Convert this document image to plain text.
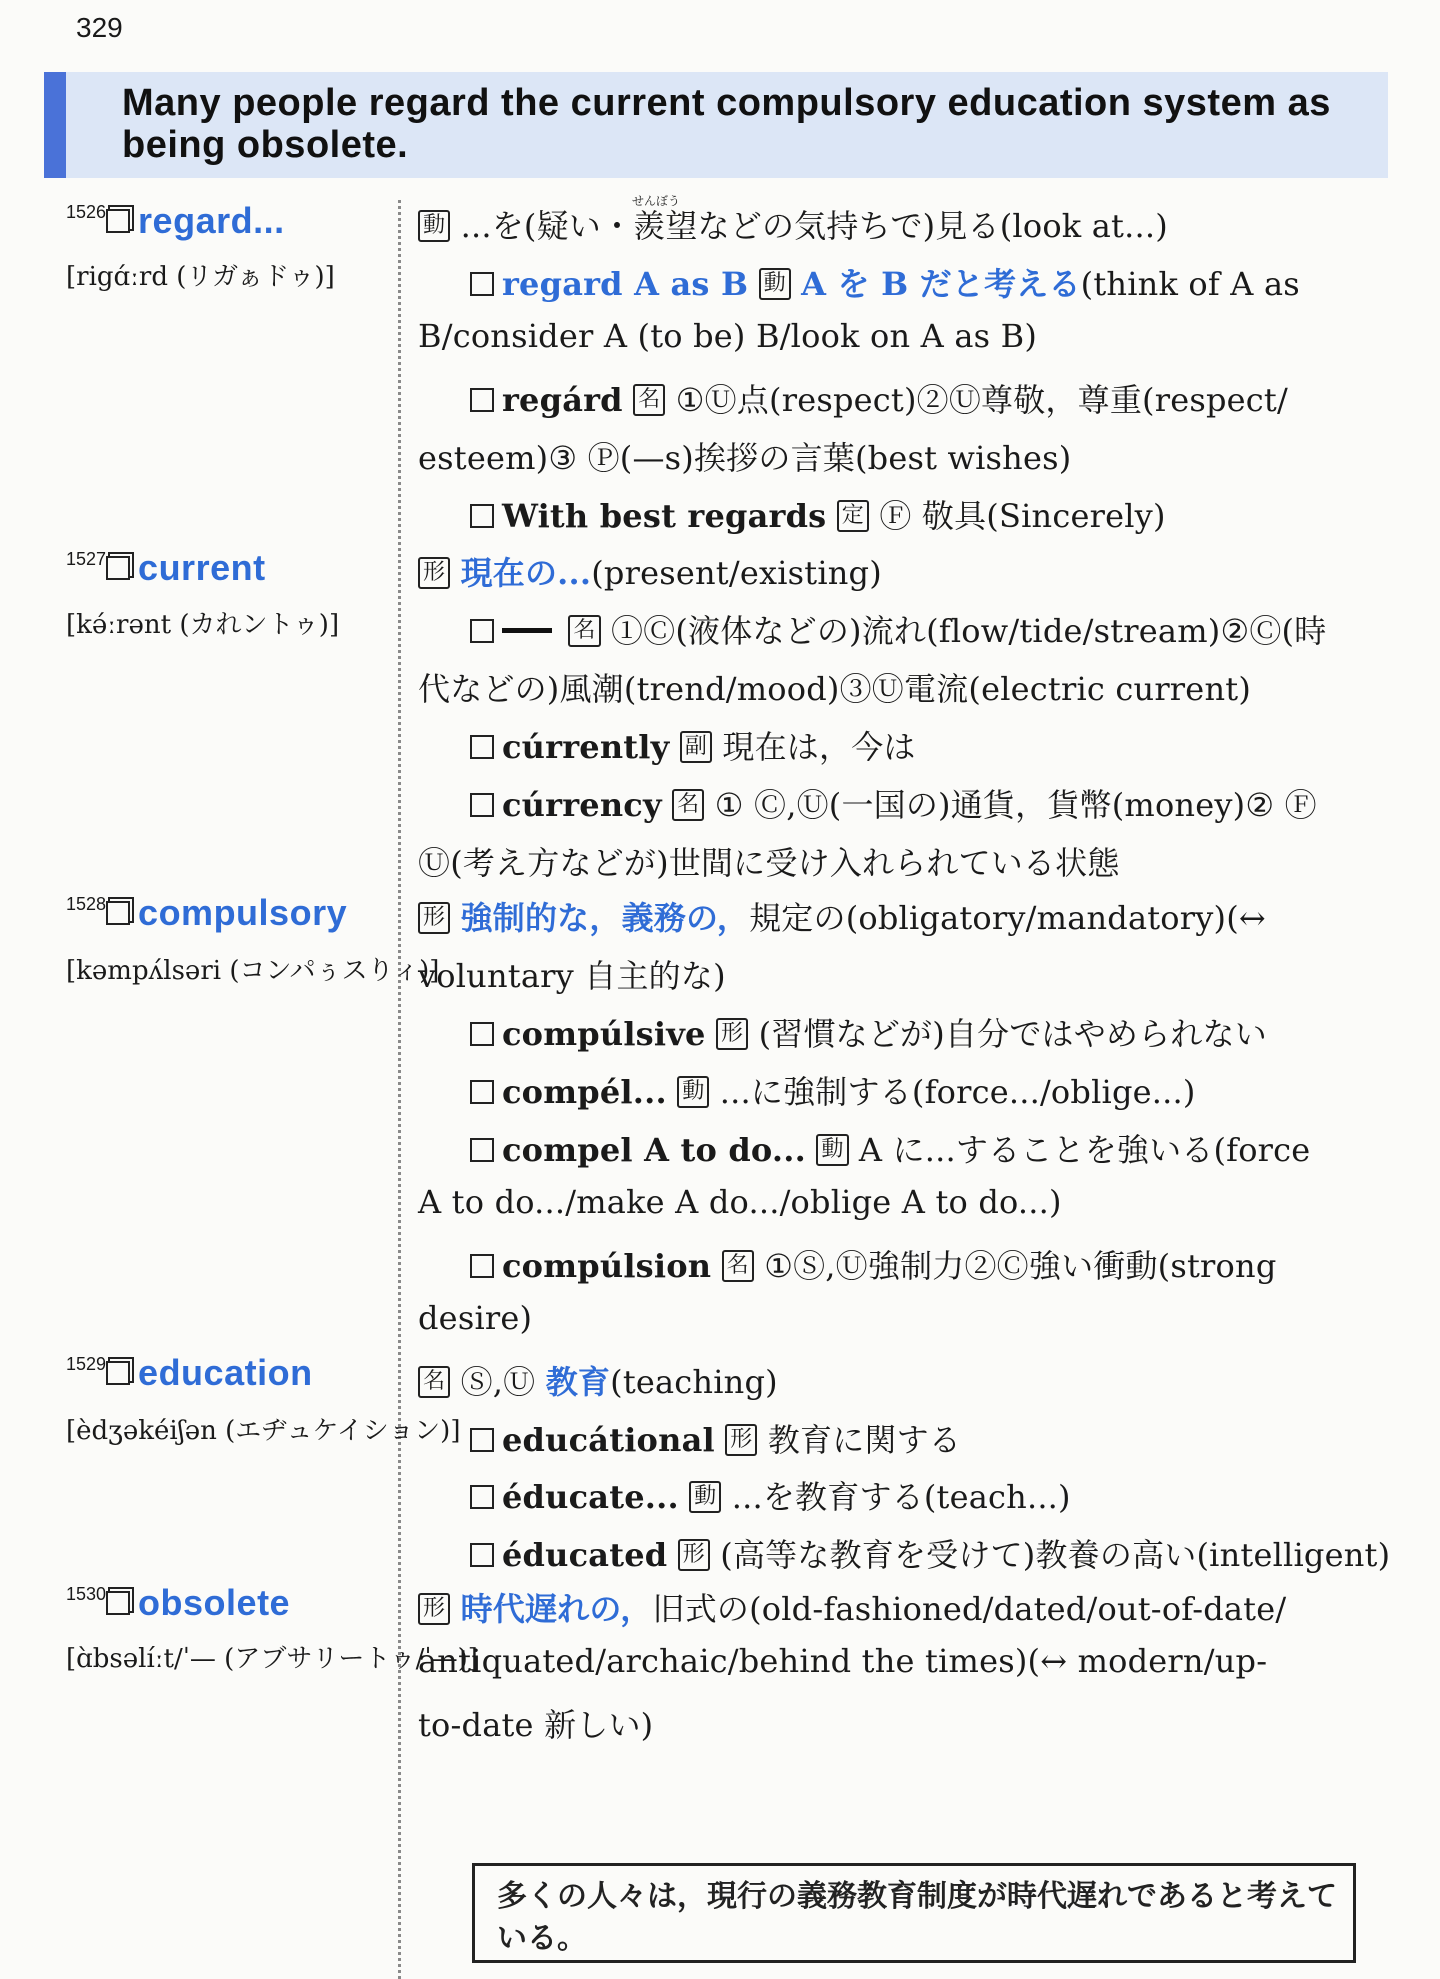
329
Many people regard the current compulsory education system as being obsolete.
1526 regard...
[rigɑ́ːrd (リガぁドゥ)]
せんぼう
動 ...を(疑い・羨望などの気持ちで)見る(look at...)
regard A as B 動 A を B だと考える(think of A as
B/consider A (to be) B/look on A as B)
regárd 名 ①Ⓤ点(respect)②Ⓤ尊敬，尊重(respect/
esteem)③ Ⓟ(—s)挨拶の言葉(best wishes)
With best regards 定 Ⓕ 敬具(Sincerely)
1527 current
[kə́ːrənt (カれントゥ)]
形 現在の...(present/existing)
名 ①Ⓒ(液体などの)流れ(flow/tide/stream)②Ⓒ(時
代などの)風潮(trend/mood)③Ⓤ電流(electric current)
cúrrently 副 現在は，今は
cúrrency 名 ① Ⓒ,Ⓤ(一国の)通貨，貨幣(money)② Ⓕ
Ⓤ(考え方などが)世間に受け入れられている状態
1528 compulsory
[kəmpʌ́lsəri (コンパぅスりィ)]
形 強制的な，義務の，規定の(obligatory/mandatory)(↔
voluntary 自主的な)
compúlsive 形 (習慣などが)自分ではやめられない
compél... 動 ...に強制する(force.../oblige...)
compel A to do... 動 A に...することを強いる(force
A to do.../make A do.../oblige A to do...)
compúlsion 名 ①Ⓢ,Ⓤ強制力②Ⓒ強い衝動(strong
desire)
1529 education
[èdʒəkéiʃən (エヂュケイション)]
名 Ⓢ,Ⓤ 教育(teaching)
educátional 形 教育に関する
éducate... 動 ...を教育する(teach...)
éducated 形 (高等な教育を受けて)教養の高い(intelligent)
1530 obsolete
[ɑ̀bsəlíːt/ˈ— (アブサリートゥ/ˈ—)]
形 時代遅れの，旧式の(old-fashioned/dated/out-of-date/
antiquated/archaic/behind the times)(↔ modern/up-
to-date 新しい)
多くの人々は，現行の義務教育制度が時代遅れであると考えている。
